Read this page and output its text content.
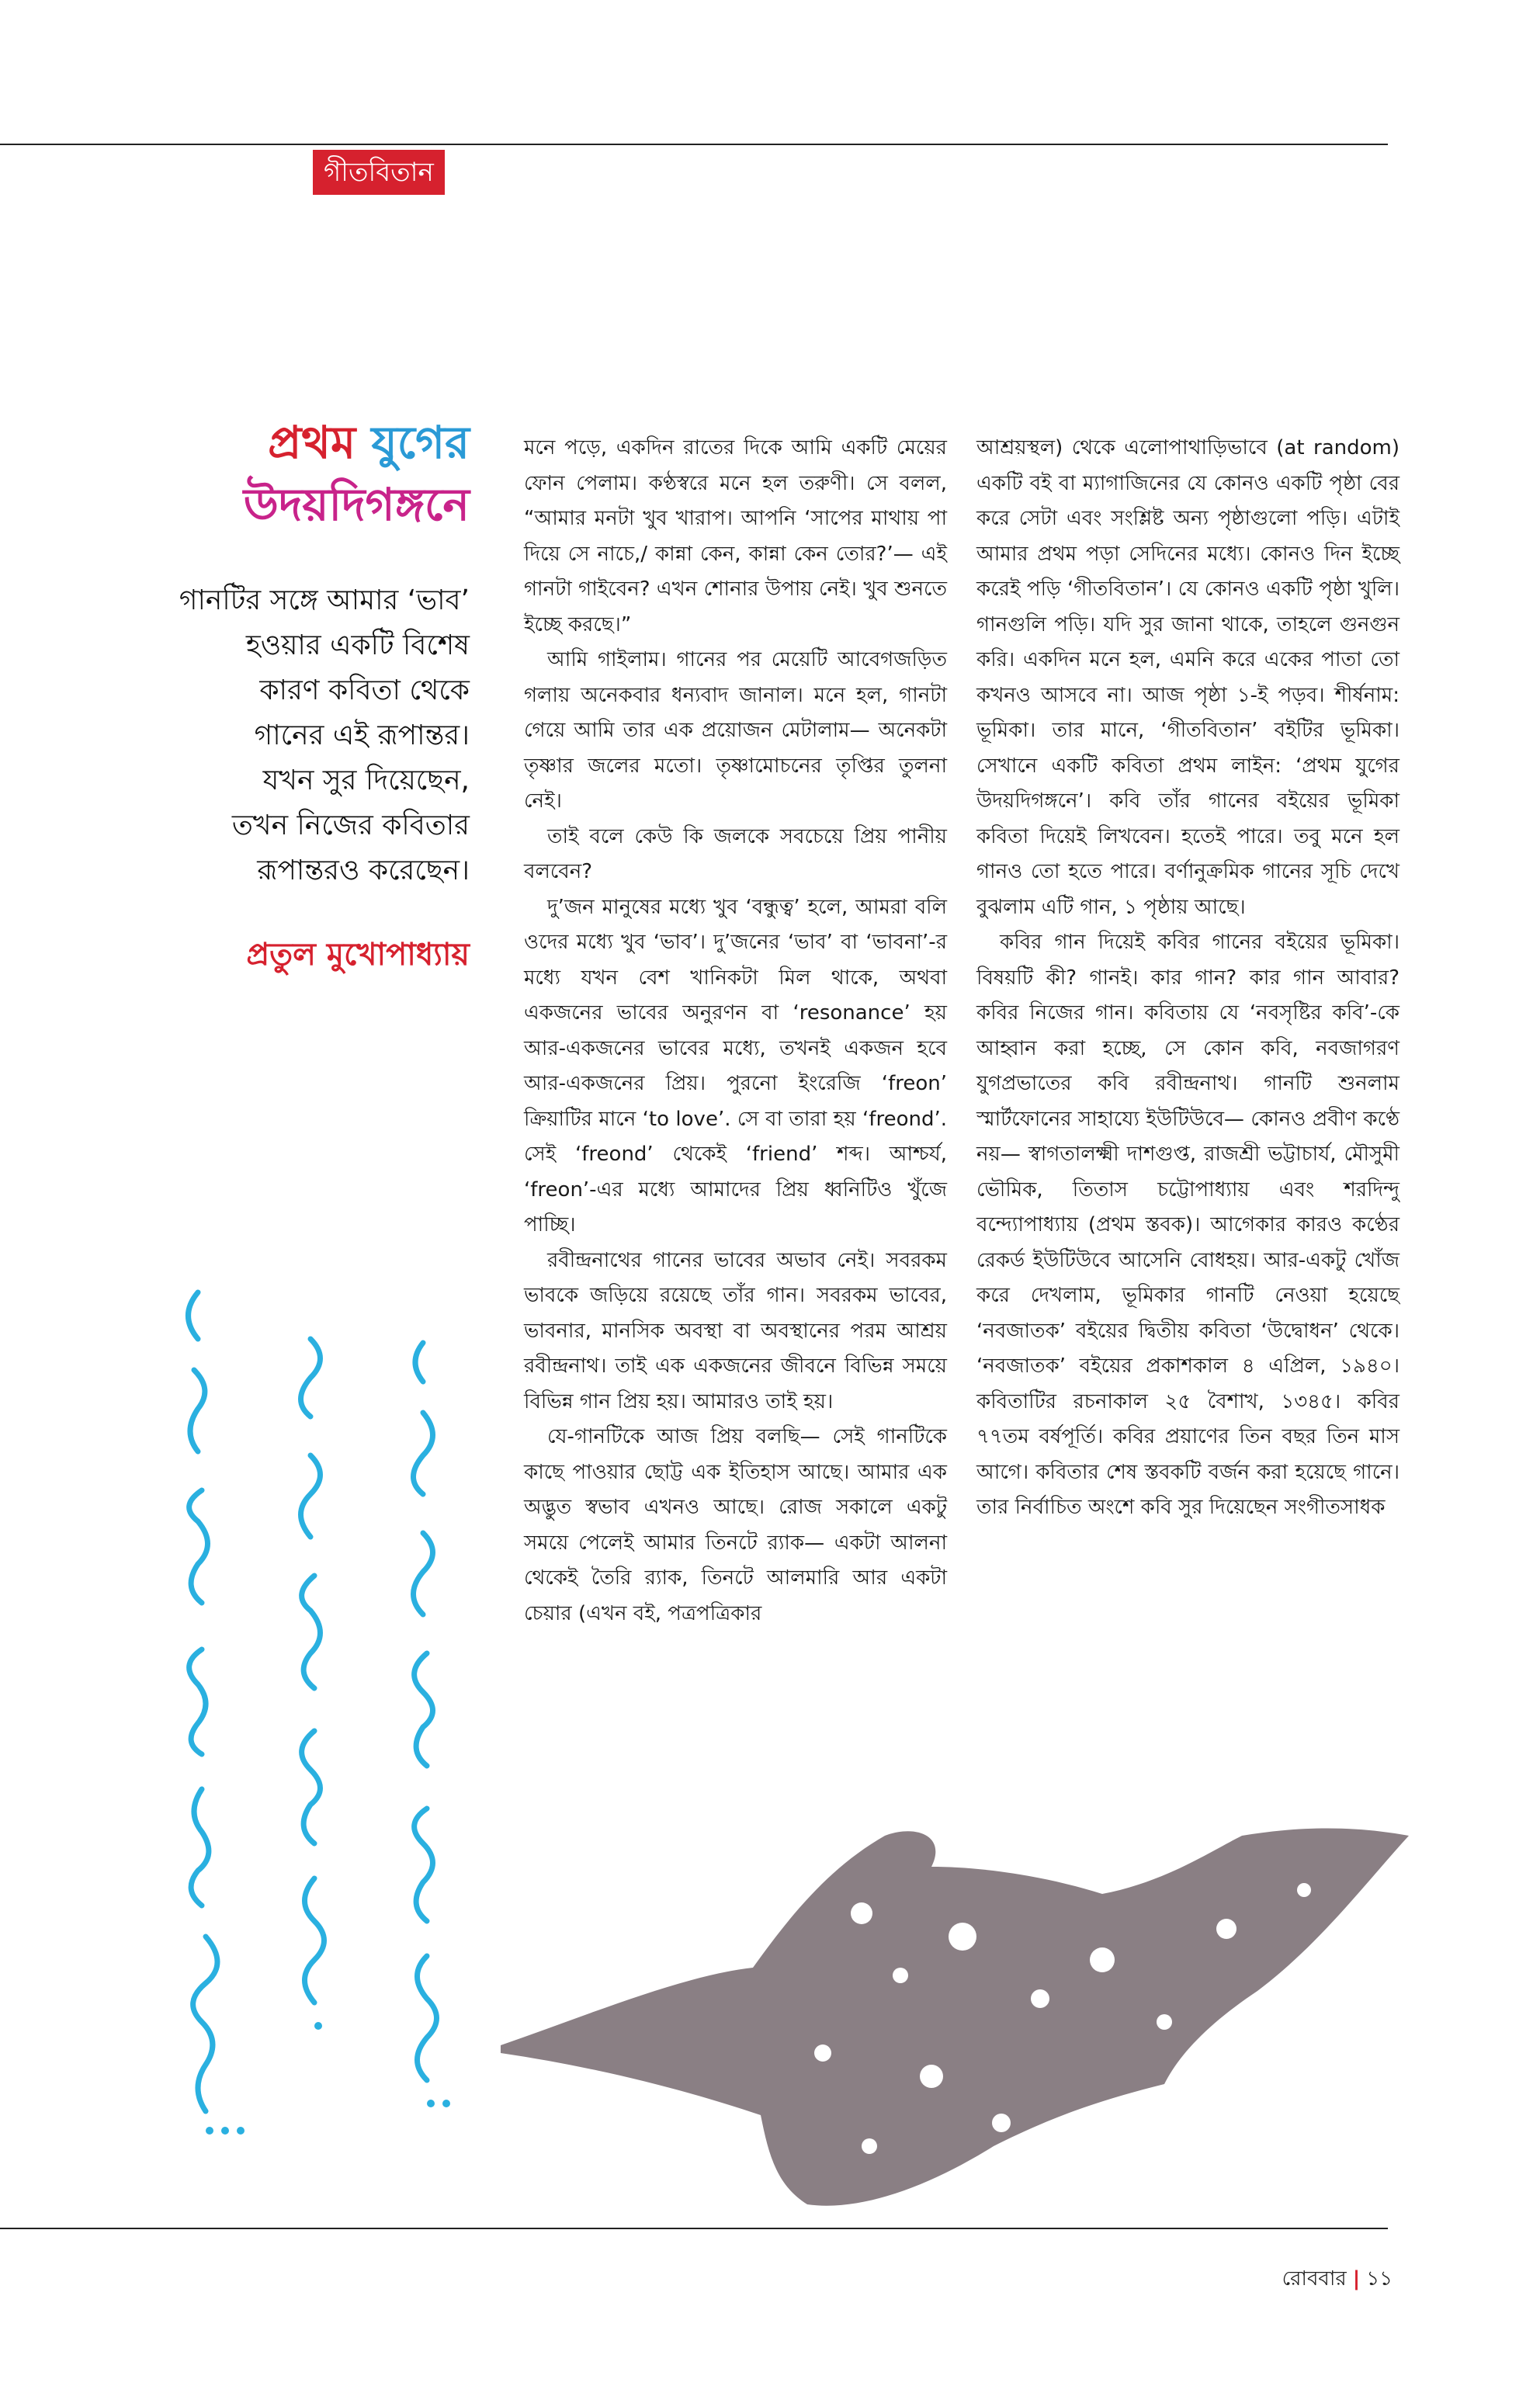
গীতবিতান
প্রথম যুগের
উদয়দিগঙ্গনে
গানটির সঙ্গে আমার ‘ভাব’
হওয়ার একটি বিশেষ
কারণ কবিতা থেকে
গানের এই রূপান্তর।
যখন সুর দিয়েছেন,
তখন নিজের কবিতার
রূপান্তরও করেছেন।
প্রতুল মুখোপাধ্যায়

মনে পড়ে, একদিন রাতের দিকে আমি একটি মেয়ের ফোন পেলাম। কণ্ঠস্বরে মনে হল তরুণী। সে বলল, “আমার মনটা খুব খারাপ। আপনি ‘সাপের মাথায় পা দিয়ে সে নাচে,/ কান্না কেন, কান্না কেন তোর?’— এই গানটা গাইবেন? এখন শোনার উপায় নেই। খুব শুনতে ইচ্ছে করছে।”

আমি গাইলাম। গানের পর মেয়েটি আবেগজড়িত গলায় অনেকবার ধন্যবাদ জানাল। মনে হল, গানটা গেয়ে আমি তার এক প্রয়োজন মেটালাম— অনেকটা তৃষ্ণার জলের মতো। তৃষ্ণামোচনের তৃপ্তির তুলনা নেই।

তাই বলে কেউ কি জলকে সবচেয়ে প্রিয় পানীয় বলবেন?

দু’জন মানুষের মধ্যে খুব ‘বন্ধুত্ব’ হলে, আমরা বলি ওদের মধ্যে খুব ‘ভাব’। দু’জনের ‘ভাব’ বা ‘ভাবনা’-র মধ্যে যখন বেশ খানিকটা মিল থাকে, অথবা একজনের ভাবের অনুরণন বা ‘resonance’ হয় আর-একজনের ভাবের মধ্যে, তখনই একজন হবে আর-একজনের প্রিয়। পুরনো ইংরেজি ‘freon’ ক্রিয়াটির মানে ‘to love’. সে বা তারা হয় ‘freond’. সেই ‘freond’ থেকেই ‘friend’ শব্দ। আশ্চর্য, ‘freon’-এর মধ্যে আমাদের প্রিয় ধ্বনিটিও খুঁজে পাচ্ছি।

রবীন্দ্রনাথের গানের ভাবের অভাব নেই। সবরকম ভাবকে জড়িয়ে রয়েছে তাঁর গান। সবরকম ভাবের, ভাবনার, মানসিক অবস্থা বা অবস্থানের পরম আশ্রয় রবীন্দ্রনাথ। তাই এক একজনের জীবনে বিভিন্ন সময়ে বিভিন্ন গান প্রিয় হয়। আমারও তাই হয়।

যে-গানটিকে আজ প্রিয় বলছি— সেই গানটিকে কাছে পাওয়ার ছোট্ট এক ইতিহাস আছে। আমার এক অদ্ভুত স্বভাব এখনও আছে। রোজ সকালে একটু সময়ে পেলেই আমার তিনটে র‍্যাক— একটা আলনা থেকেই তৈরি র‍্যাক, তিনটে আলমারি আর একটা চেয়ার (এখন বই, পত্রপত্রিকার

আশ্রয়স্থল) থেকে এলোপাথাড়িভাবে (at random) একটি বই বা ম্যাগাজিনের যে কোনও একটি পৃষ্ঠা বের করে সেটা এবং সংশ্লিষ্ট অন্য পৃষ্ঠাগুলো পড়ি। এটাই আমার প্রথম পড়া সেদিনের মধ্যে। কোনও দিন ইচ্ছে করেই পড়ি ‘গীতবিতান’। যে কোনও একটি পৃষ্ঠা খুলি। গানগুলি পড়ি। যদি সুর জানা থাকে, তাহলে গুনগুন করি। একদিন মনে হল, এমনি করে একের পাতা তো কখনও আসবে না। আজ পৃষ্ঠা ১-ই পড়ব। শীর্ষনাম: ভূমিকা। তার মানে, ‘গীতবিতান’ বইটির ভূমিকা। সেখানে একটি কবিতা প্রথম লাইন: ‘প্রথম যুগের উদয়দিগঙ্গনে’। কবি তাঁর গানের বইয়ের ভূমিকা কবিতা দিয়েই লিখবেন। হতেই পারে। তবু মনে হল গানও তো হতে পারে। বর্ণানুক্রমিক গানের সূচি দেখে বুঝলাম এটি গান, ১ পৃষ্ঠায় আছে।

কবির গান দিয়েই কবির গানের বইয়ের ভূমিকা। বিষয়টি কী? গানই। কার গান? কার গান আবার? কবির নিজের গান। কবিতায় যে ‘নবসৃষ্টির কবি’-কে আহ্বান করা হচ্ছে, সে কোন কবি, নবজাগরণ যুগপ্রভাতের কবি রবীন্দ্রনাথ। গানটি শুনলাম স্মার্টফোনের সাহায্যে ইউটিউবে— কোনও প্রবীণ কণ্ঠে নয়— স্বাগতালক্ষ্মী দাশগুপ্ত, রাজশ্রী ভট্টাচার্য, মৌসুমী ভৌমিক, তিতাস চট্টোপাধ্যায় এবং শরদিন্দু বন্দ্যোপাধ্যায় (প্রথম স্তবক)। আগেকার কারও কণ্ঠের রেকর্ড ইউটিউবে আসেনি বোধহয়। আর-একটু খোঁজ করে দেখলাম, ভূমিকার গানটি নেওয়া হয়েছে ‘নবজাতক’ বইয়ের দ্বিতীয় কবিতা ‘উদ্বোধন’ থেকে। ‘নবজাতক’ বইয়ের প্রকাশকাল ৪ এপ্রিল, ১৯৪০। কবিতাটির রচনাকাল ২৫ বৈশাখ, ১৩৪৫। কবির ৭৭তম বর্ষপূর্তি। কবির প্রয়াণের তিন বছর তিন মাস আগে। কবিতার শেষ স্তবকটি বর্জন করা হয়েছে গানে। তার নির্বাচিত অংশে কবি সুর দিয়েছেন সংগীতসাধক

রোববার | ১১
